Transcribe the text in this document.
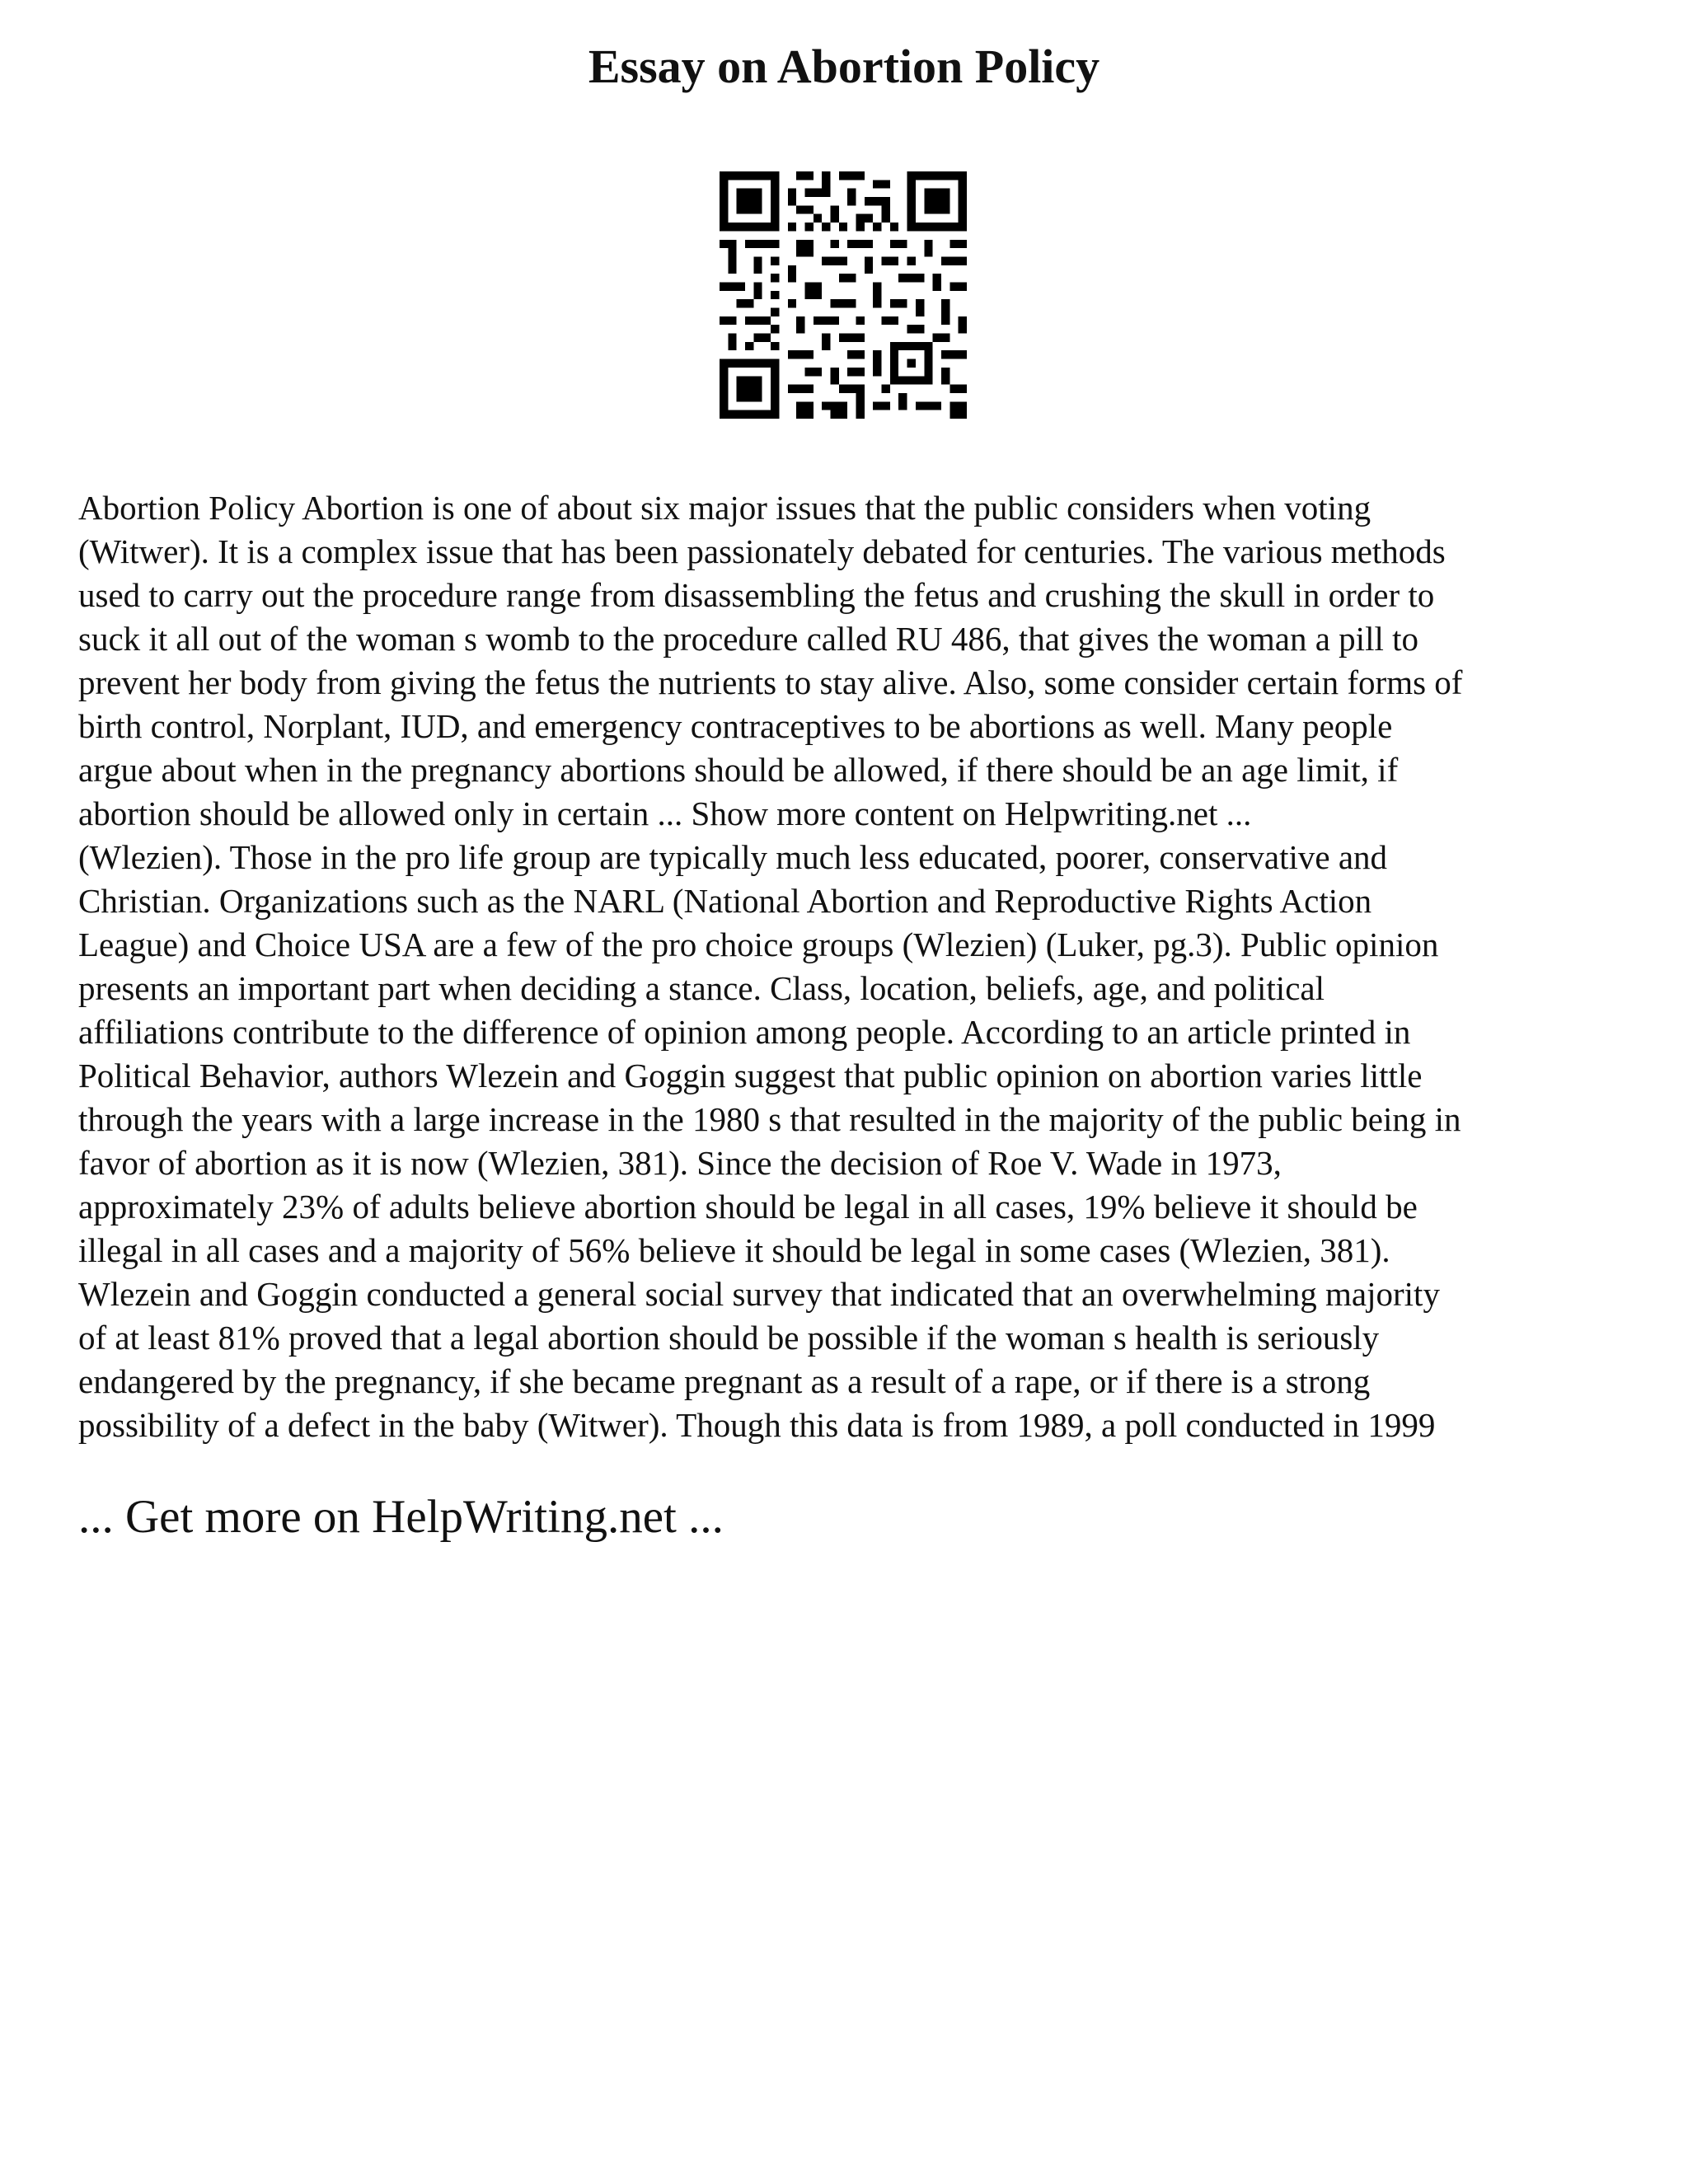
Essay on Abortion Policy
Abortion Policy Abortion is one of about six major issues that the public considers when voting
(Witwer). It is a complex issue that has been passionately debated for centuries. The various methods
used to carry out the procedure range from disassembling the fetus and crushing the skull in order to
suck it all out of the woman s womb to the procedure called RU 486, that gives the woman a pill to
prevent her body from giving the fetus the nutrients to stay alive. Also, some consider certain forms of
birth control, Norplant, IUD, and emergency contraceptives to be abortions as well. Many people
argue about when in the pregnancy abortions should be allowed, if there should be an age limit, if
abortion should be allowed only in certain ... Show more content on Helpwriting.net ...
(Wlezien). Those in the pro life group are typically much less educated, poorer, conservative and
Christian. Organizations such as the NARL (National Abortion and Reproductive Rights Action
League) and Choice USA are a few of the pro choice groups (Wlezien) (Luker, pg.3). Public opinion
presents an important part when deciding a stance. Class, location, beliefs, age, and political
affiliations contribute to the difference of opinion among people. According to an article printed in
Political Behavior, authors Wlezein and Goggin suggest that public opinion on abortion varies little
through the years with a large increase in the 1980 s that resulted in the majority of the public being in
favor of abortion as it is now (Wlezien, 381). Since the decision of Roe V. Wade in 1973,
approximately 23% of adults believe abortion should be legal in all cases, 19% believe it should be
illegal in all cases and a majority of 56% believe it should be legal in some cases (Wlezien, 381).
Wlezein and Goggin conducted a general social survey that indicated that an overwhelming majority
of at least 81% proved that a legal abortion should be possible if the woman s health is seriously
endangered by the pregnancy, if she became pregnant as a result of a rape, or if there is a strong
possibility of a defect in the baby (Witwer). Though this data is from 1989, a poll conducted in 1999
... Get more on HelpWriting.net ...
